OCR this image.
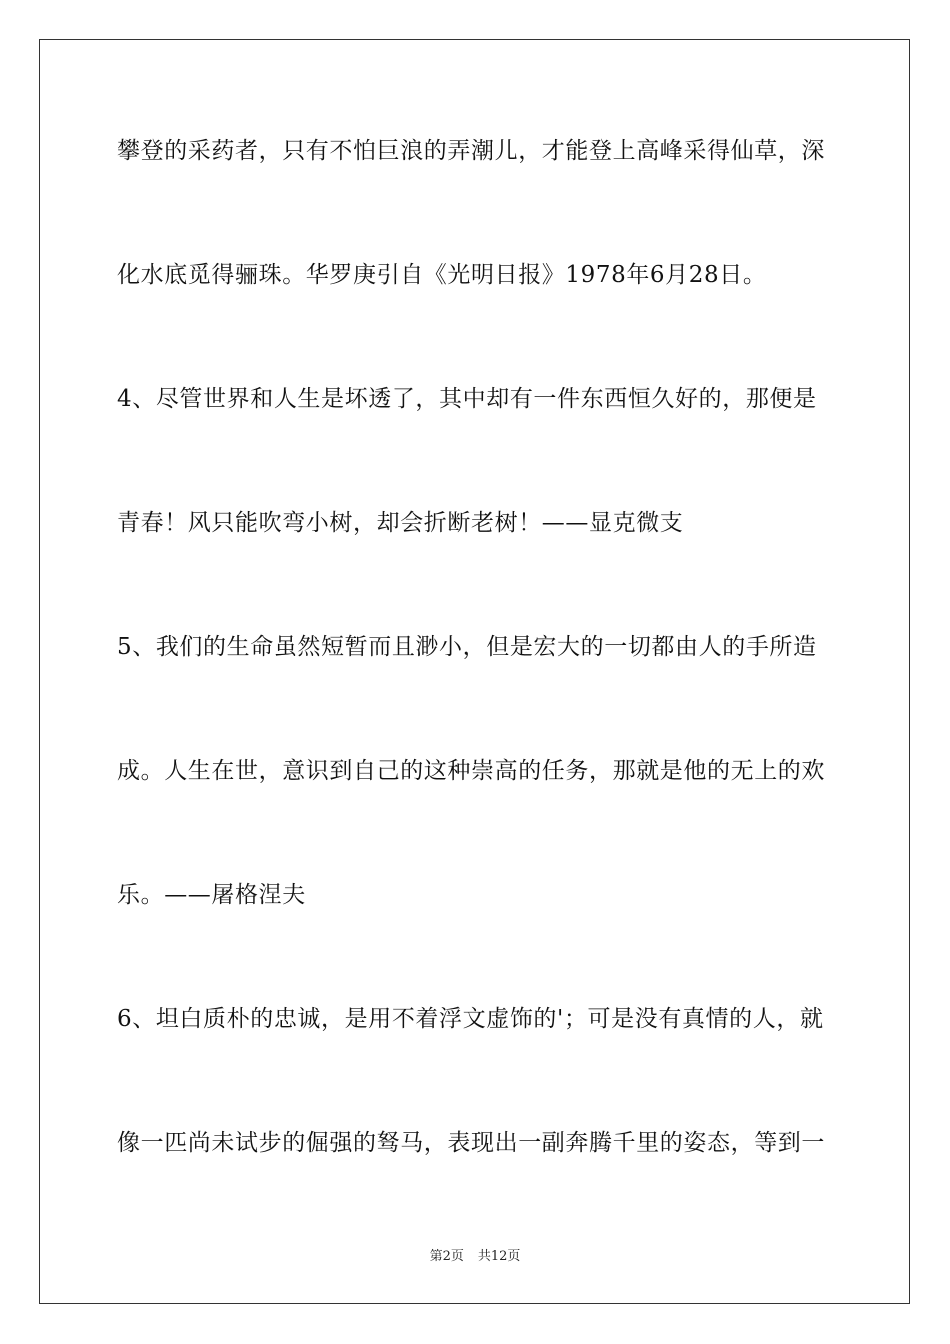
攀登的采药者，只有不怕巨浪的弄潮儿，才能登上高峰采得仙草，深
化水底觅得骊珠。华罗庚引自《光明日报》1978年6月28日。
4、尽管世界和人生是坏透了，其中却有一件东西恒久好的，那便是
青春！风只能吹弯小树，却会折断老树！——显克微支
5、我们的生命虽然短暂而且渺小，但是宏大的一切都由人的手所造
成。人生在世，意识到自己的这种崇高的任务，那就是他的无上的欢
乐。——屠格涅夫
6、坦白质朴的忠诚，是用不着浮文虚饰的'；可是没有真情的人，就
像一匹尚未试步的倔强的驽马，表现出一副奔腾千里的姿态，等到一
第2页 共12页
